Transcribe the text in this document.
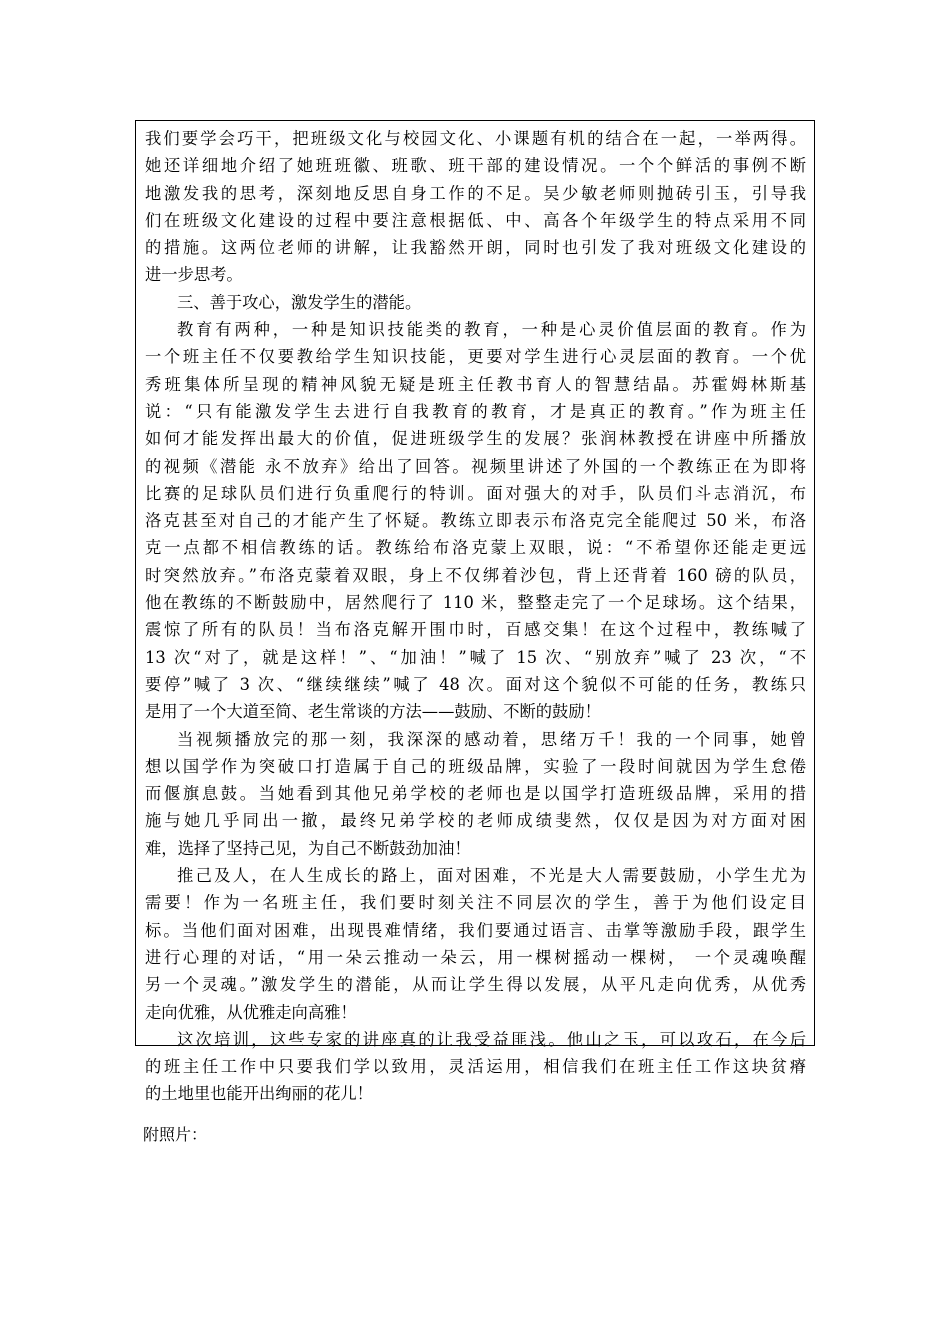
我们要学会巧干，把班级文化与校园文化、小课题有机的结合在一起，一举两得。
她还详细地介绍了她班班徽、班歌、班干部的建设情况。一个个鲜活的事例不断
地激发我的思考，深刻地反思自身工作的不足。吴少敏老师则抛砖引玉，引导我
们在班级文化建设的过程中要注意根据低、中、高各个年级学生的特点采用不同
的措施。这两位老师的讲解，让我豁然开朗，同时也引发了我对班级文化建设的
进一步思考。
三、善于攻心，激发学生的潜能。
教育有两种，一种是知识技能类的教育，一种是心灵价值层面的教育。作为
一个班主任不仅要教给学生知识技能，更要对学生进行心灵层面的教育。一个优
秀班集体所呈现的精神风貌无疑是班主任教书育人的智慧结晶。苏霍姆林斯基
说：“只有能激发学生去进行自我教育的教育，才是真正的教育。”作为班主任
如何才能发挥出最大的价值，促进班级学生的发展？张润林教授在讲座中所播放
的视频《潜能 永不放弃》给出了回答。视频里讲述了外国的一个教练正在为即将
比赛的足球队员们进行负重爬行的特训。面对强大的对手，队员们斗志消沉，布
洛克甚至对自己的才能产生了怀疑。教练立即表示布洛克完全能爬过 50 米，布洛
克一点都不相信教练的话。教练给布洛克蒙上双眼，说：“不希望你还能走更远
时突然放弃。”布洛克蒙着双眼，身上不仅绑着沙包，背上还背着 160 磅的队员，
他在教练的不断鼓励中，居然爬行了 110 米，整整走完了一个足球场。这个结果，
震惊了所有的队员！当布洛克解开围巾时，百感交集！在这个过程中，教练喊了
13 次“对了，就是这样！”、“加油！”喊了 15 次、“别放弃”喊了 23 次，“不
要停”喊了 3 次、“继续继续”喊了 48 次。面对这个貌似不可能的任务，教练只
是用了一个大道至简、老生常谈的方法——鼓励、不断的鼓励！
当视频播放完的那一刻，我深深的感动着，思绪万千！我的一个同事，她曾
想以国学作为突破口打造属于自己的班级品牌，实验了一段时间就因为学生怠倦
而偃旗息鼓。当她看到其他兄弟学校的老师也是以国学打造班级品牌，采用的措
施与她几乎同出一撤，最终兄弟学校的老师成绩斐然，仅仅是因为对方面对困
难，选择了坚持己见，为自己不断鼓劲加油！
推己及人，在人生成长的路上，面对困难，不光是大人需要鼓励，小学生尤为
需要！作为一名班主任，我们要时刻关注不同层次的学生，善于为他们设定目
标。当他们面对困难，出现畏难情绪，我们要通过语言、击掌等激励手段，跟学生
进行心理的对话，“用一朵云推动一朵云，用一棵树摇动一棵树， 一个灵魂唤醒
另一个灵魂。”激发学生的潜能，从而让学生得以发展，从平凡走向优秀，从优秀
走向优雅，从优雅走向高雅！
这次培训，这些专家的讲座真的让我受益匪浅。他山之玉，可以攻石，在今后
的班主任工作中只要我们学以致用，灵活运用，相信我们在班主任工作这块贫瘠
的土地里也能开出绚丽的花儿！
附照片：
